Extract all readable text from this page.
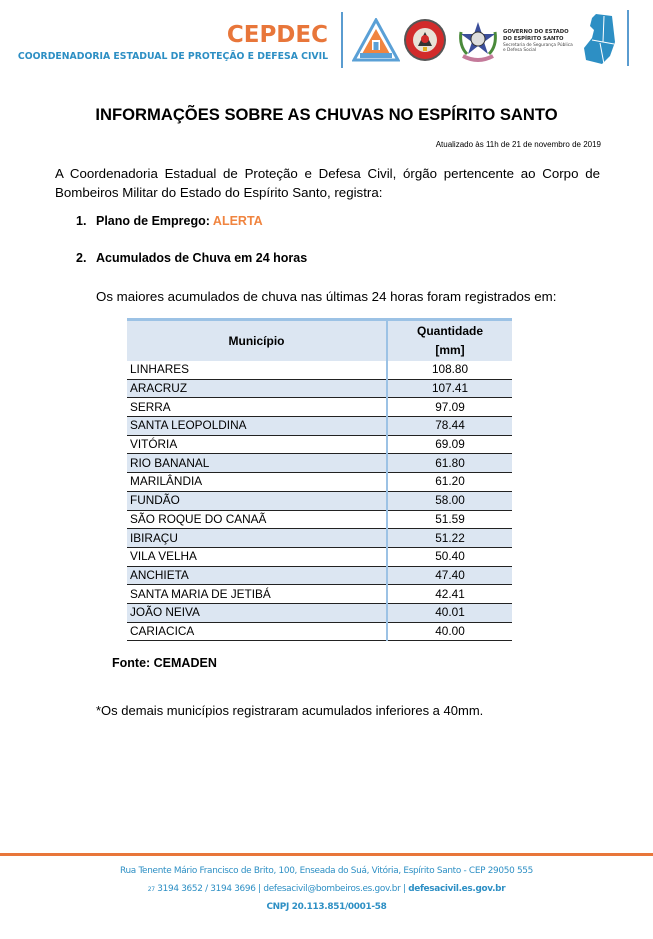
CEPDEC
COORDENADORIA ESTADUAL DE PROTEÇÃO E DEFESA CIVIL
GOVERNO DO ESTADO
DO ESPÍRITO SANTO
Secretaria de Segurança Pública
e Defesa Social
INFORMAÇÕES SOBRE AS CHUVAS NO ESPÍRITO SANTO
Atualizado às 11h de 21 de novembro de 2019
A Coordenadoria Estadual de Proteção e Defesa Civil, órgão pertencente ao Corpo de Bombeiros Militar do Estado do Espírito Santo, registra:
1. Plano de Emprego: ALERTA
2. Acumulados de Chuva em 24 horas
Os maiores acumulados de chuva nas últimas 24 horas foram registrados em:
Município	Quantidade
[mm]

LINHARES	108.80
ARACRUZ	107.41
SERRA	97.09
SANTA LEOPOLDINA	78.44
VITÓRIA	69.09
RIO BANANAL	61.80
MARILÂNDIA	61.20
FUNDÃO	58.00
SÃO ROQUE DO CANAÃ	51.59
IBIRAÇU	51.22
VILA VELHA	50.40
ANCHIETA	47.40
SANTA MARIA DE JETIBÁ	42.41
JOÃO NEIVA	40.01
CARIACICA	40.00
Fonte: CEMADEN
*Os demais municípios registraram acumulados inferiores a 40mm.
Rua Tenente Mário Francisco de Brito, 100, Enseada do Suá, Vitória, Espírito Santo - CEP 29050 555
27 3194 3652 / 3194 3696 | defesacivil@bombeiros.es.gov.br | defesacivil.es.gov.br
CNPJ 20.113.851/0001-58
